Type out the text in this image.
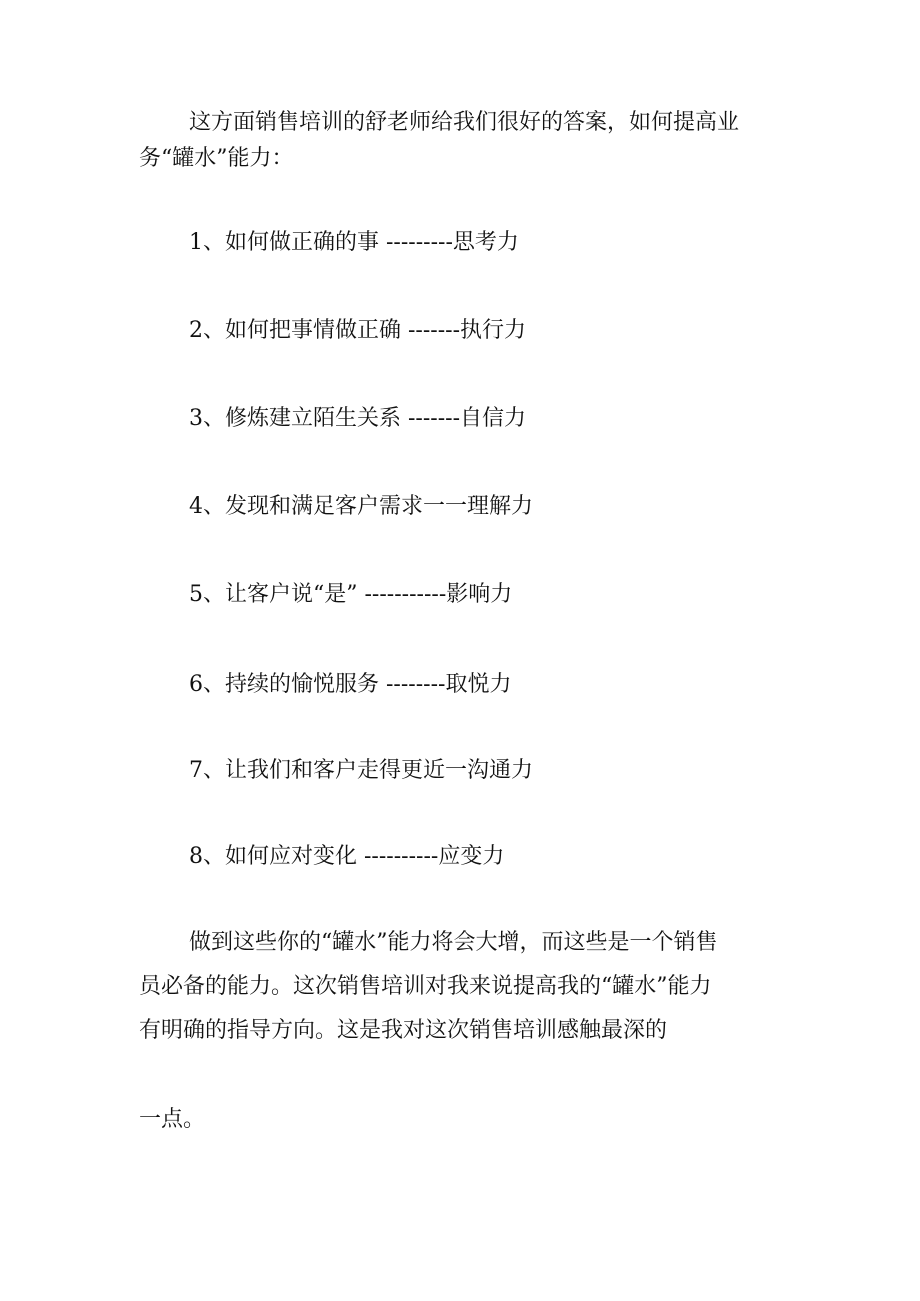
这方面销售培训的舒老师给我们很好的答案，如何提高业
务“罐水”能力：
1、如何做正确的事 ---------思考力
2、如何把事情做正确 -------执行力
3、修炼建立陌生关系 -------自信力
4、发现和满足客户需求一一理解力
5、让客户说“是” -----------影响力
6、持续的愉悦服务 --------取悦力
7、让我们和客户走得更近一沟通力
8、如何应对变化 ----------应变力
做到这些你的“罐水”能力将会大增，而这些是一个销售
员必备的能力。这次销售培训对我来说提高我的“罐水”能力
有明确的指导方向。这是我对这次销售培训感触最深的
一点。
